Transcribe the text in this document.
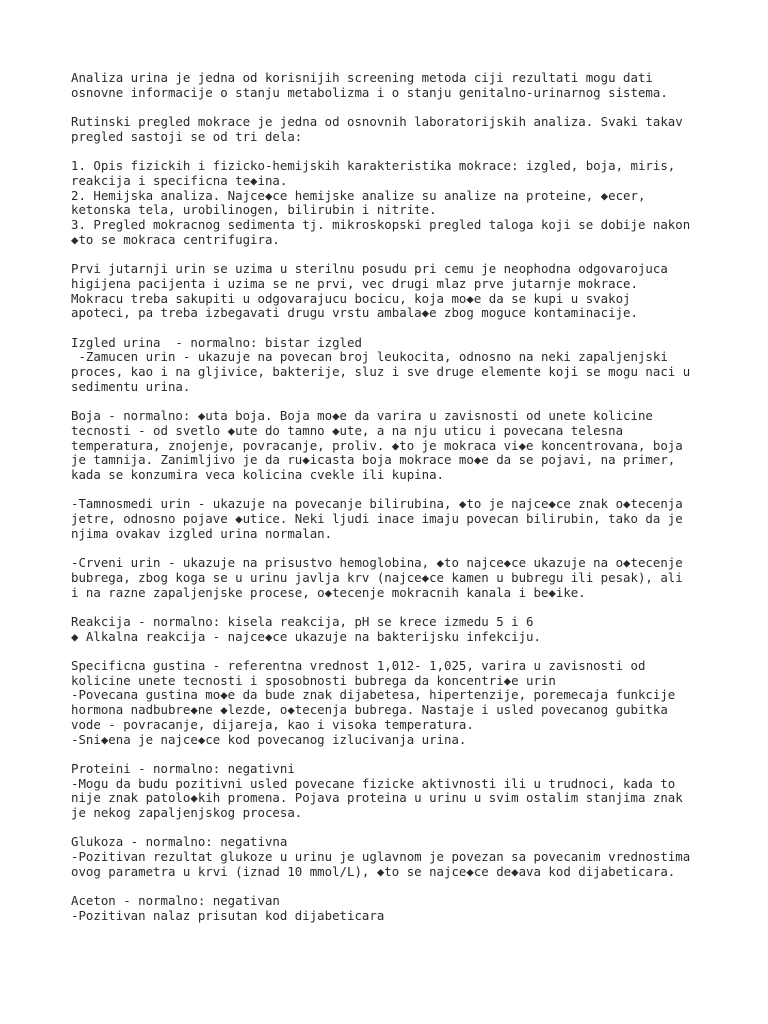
Analiza urina je jedna od korisnijih screening metoda ciji rezultati mogu dati
osnovne informacije o stanju metabolizma i o stanju genitalno-urinarnog sistema.
Rutinski pregled mokrace je jedna od osnovnih laboratorijskih analiza. Svaki takav
pregled sastoji se od tri dela:
1. Opis fizickih i fizicko-hemijskih karakteristika mokrace: izgled, boja, miris,
reakcija i specificna te◆ina.
2. Hemijska analiza. Najce◆ce hemijske analize su analize na proteine, ◆ecer,
ketonska tela, urobilinogen, bilirubin i nitrite.
3. Pregled mokracnog sedimenta tj. mikroskopski pregled taloga koji se dobije nakon
◆to se mokraca centrifugira.
Prvi jutarnji urin se uzima u sterilnu posudu pri cemu je neophodna odgovarojuca
higijena pacijenta i uzima se ne prvi, vec drugi mlaz prve jutarnje mokrace.
Mokracu treba sakupiti u odgovarajucu bocicu, koja mo◆e da se kupi u svakoj
apoteci, pa treba izbegavati drugu vrstu ambala◆e zbog moguce kontaminacije.
Izgled urina  - normalno: bistar izgled
-Zamucen urin - ukazuje na povecan broj leukocita, odnosno na neki zapaljenjski
proces, kao i na gljivice, bakterije, sluz i sve druge elemente koji se mogu naci u
sedimentu urina.
Boja - normalno: ◆uta boja. Boja mo◆e da varira u zavisnosti od unete kolicine
tecnosti - od svetlo ◆ute do tamno ◆ute, a na nju uticu i povecana telesna
temperatura, znojenje, povracanje, proliv. ◆to je mokraca vi◆e koncentrovana, boja
je tamnija. Zanimljivo je da ru◆icasta boja mokrace mo◆e da se pojavi, na primer,
kada se konzumira veca kolicina cvekle ili kupina.
-Tamnosmedi urin - ukazuje na povecanje bilirubina, ◆to je najce◆ce znak o◆tecenja
jetre, odnosno pojave ◆utice. Neki ljudi inace imaju povecan bilirubin, tako da je
njima ovakav izgled urina normalan.
-Crveni urin - ukazuje na prisustvo hemoglobina, ◆to najce◆ce ukazuje na o◆tecenje
bubrega, zbog koga se u urinu javlja krv (najce◆ce kamen u bubregu ili pesak), ali
i na razne zapaljenjske procese, o◆tecenje mokracnih kanala i be◆ike.
Reakcija - normalno: kisela reakcija, pH se krece izmedu 5 i 6
◆ Alkalna reakcija - najce◆ce ukazuje na bakterijsku infekciju.
Specificna gustina - referentna vrednost 1,012- 1,025, varira u zavisnosti od
kolicine unete tecnosti i sposobnosti bubrega da koncentri◆e urin
-Povecana gustina mo◆e da bude znak dijabetesa, hipertenzije, poremecaja funkcije
hormona nadbubre◆ne ◆lezde, o◆tecenja bubrega. Nastaje i usled povecanog gubitka
vode - povracanje, dijareja, kao i visoka temperatura.
-Sni◆ena je najce◆ce kod povecanog izlucivanja urina.
Proteini - normalno: negativni
-Mogu da budu pozitivni usled povecane fizicke aktivnosti ili u trudnoci, kada to
nije znak patolo◆kih promena. Pojava proteina u urinu u svim ostalim stanjima znak
je nekog zapaljenjskog procesa.
Glukoza - normalno: negativna
-Pozitivan rezultat glukoze u urinu je uglavnom je povezan sa povecanim vrednostima
ovog parametra u krvi (iznad 10 mmol/L), ◆to se najce◆ce de◆ava kod dijabeticara.
Aceton - normalno: negativan
-Pozitivan nalaz prisutan kod dijabeticara
